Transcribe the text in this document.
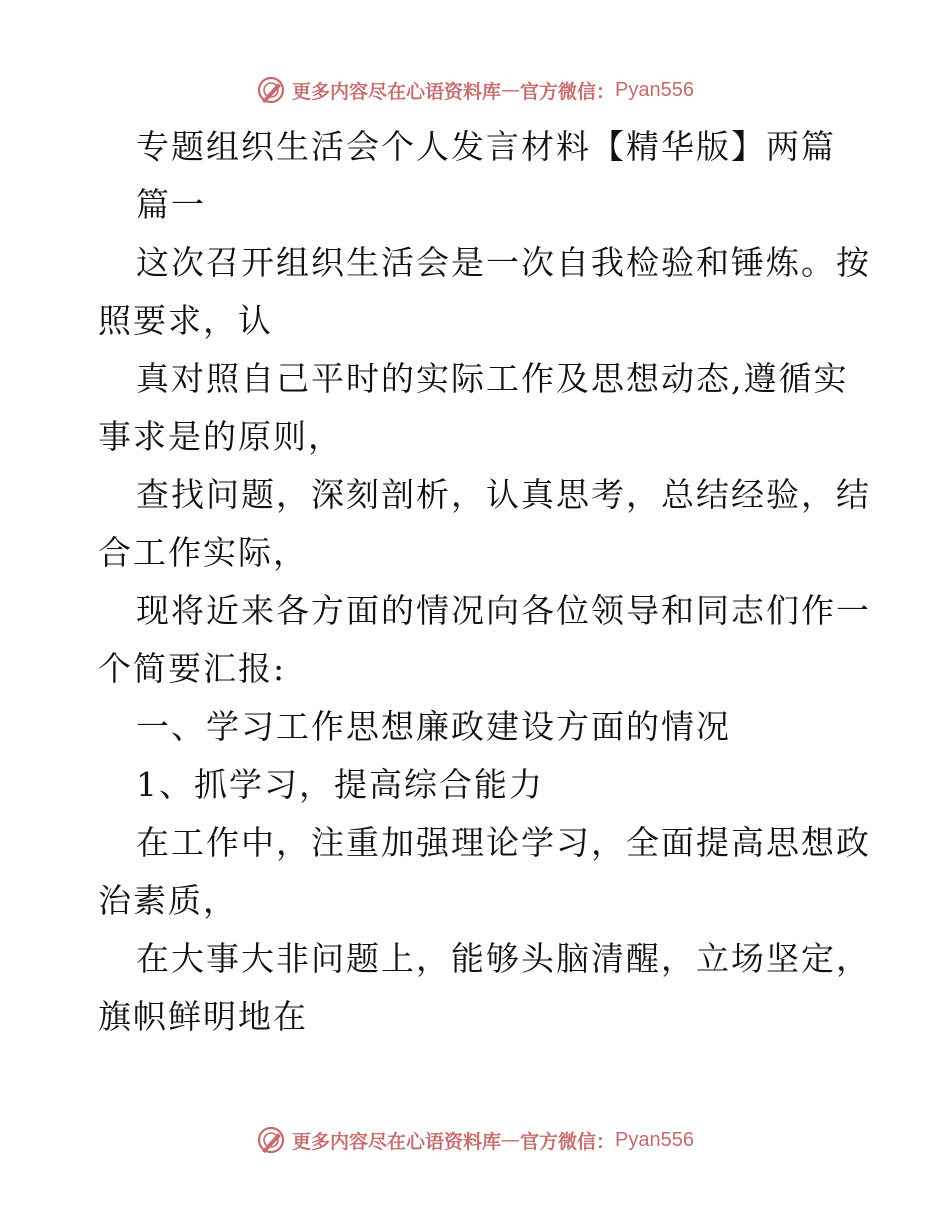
更多内容尽在心语资料库 — 官方微信： Pyan556
专题组织生活会个人发言材料【精华版】两篇
篇一
这次召开组织生活会是一次自我检验和锤炼。按
照要求，认
真对照自己平时的实际工作及思想动态,遵循实
事求是的原则，
查找问题，深刻剖析，认真思考，总结经验，结
合工作实际，
现将近来各方面的情况向各位领导和同志们作一
个简要汇报:
一、学习工作思想廉政建设方面的情况
1、抓学习，提高综合能力
在工作中，注重加强理论学习，全面提高思想政
治素质，
在大事大非问题上，能够头脑清醒，立场坚定，
旗帜鲜明地在
更多内容尽在心语资料库 — 官方微信： Pyan556
